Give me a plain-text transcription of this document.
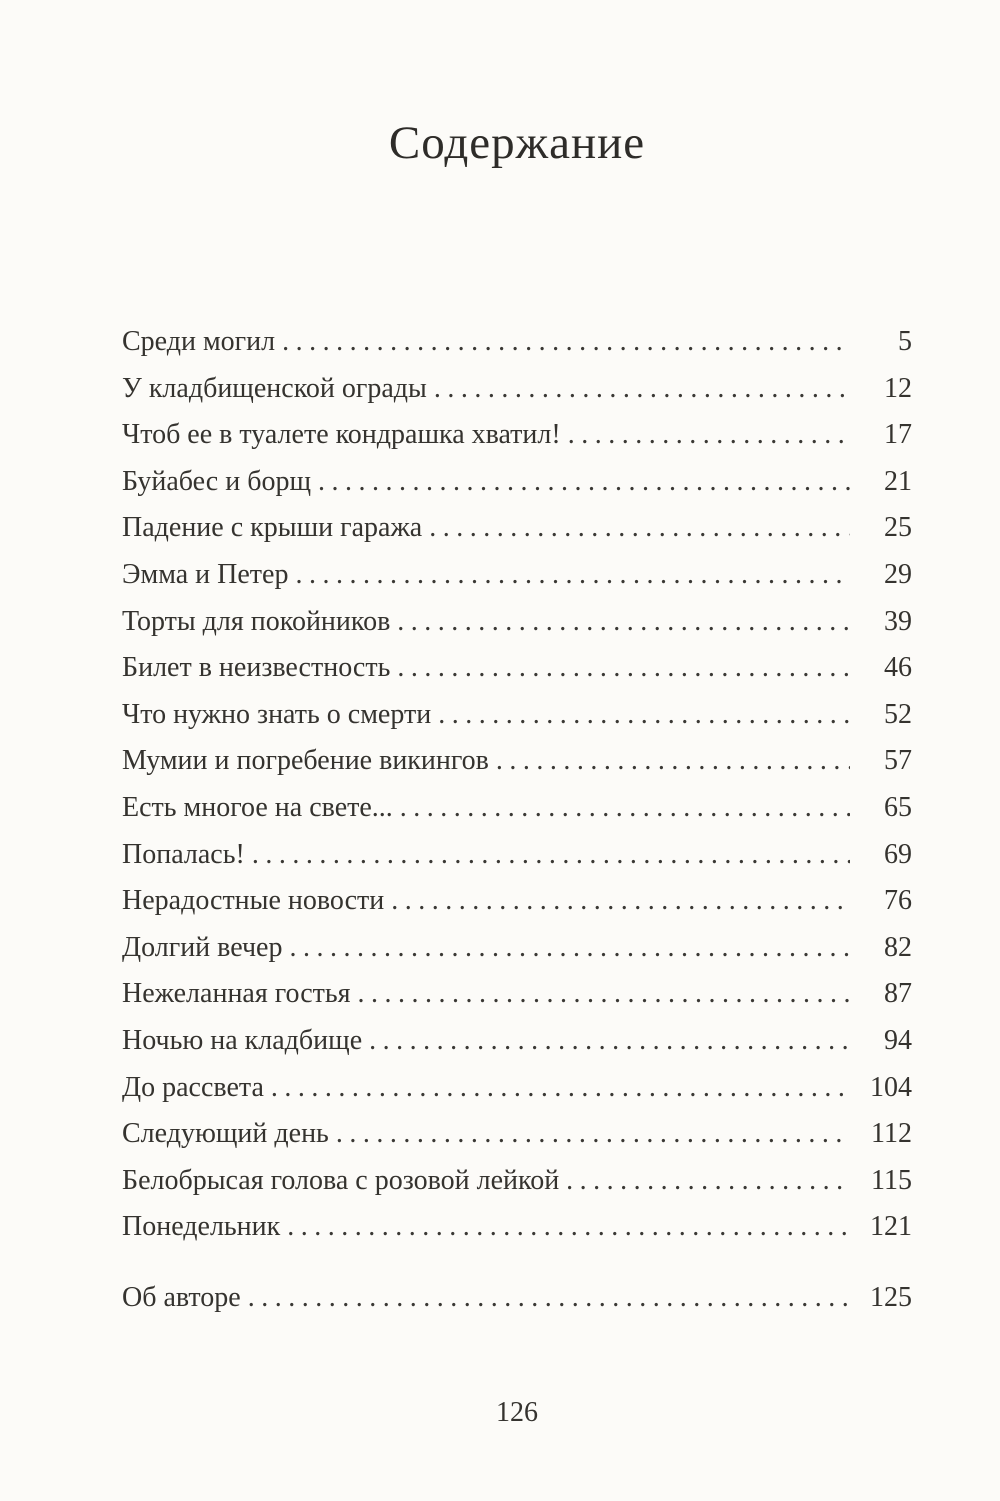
Содержание
Среди могил .....	5
У кладбищенской ограды .....	12
Чтоб ее в туалете кондрашка хватил! .....	17
Буйабес и борщ .....	21
Падение с крыши гаража .....	25
Эмма и Петер .....	29
Торты для покойников .....	39
Билет в неизвестность .....	46
Что нужно знать о смерти .....	52
Мумии и погребение викингов .....	57
Есть многое на свете... .....	65
Попалась! .....	69
Нерадостные новости .....	76
Долгий вечер .....	82
Нежеланная гостья .....	87
Ночью на кладбище .....	94
До рассвета .....	104
Следующий день .....	112
Белобрысая голова с розовой лейкой .....	115
Понедельник .....	121
Об авторе .....	125
126
